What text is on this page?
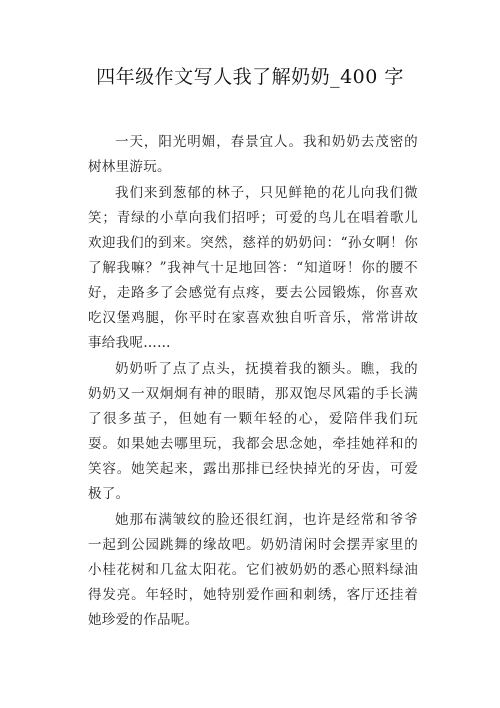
四年级作文写人我了解奶奶_400 字

一天，阳光明媚，春景宜人。我和奶奶去茂密的树林里游玩。

我们来到葱郁的林子，只见鲜艳的花儿向我们微笑；青绿的小草向我们招呼；可爱的鸟儿在唱着歌儿欢迎我们的到来。突然，慈祥的奶奶问：“孙女啊！你了解我嘛？”我神气十足地回答：“知道呀！你的腰不好，走路多了会感觉有点疼，要去公园锻炼，你喜欢吃汉堡鸡腿，你平时在家喜欢独自听音乐，常常讲故事给我呢……

奶奶听了点了点头，抚摸着我的额头。瞧，我的奶奶又一双炯炯有神的眼睛，那双饱尽风霜的手长满了很多茧子，但她有一颗年轻的心，爱陪伴我们玩耍。如果她去哪里玩，我都会思念她，牵挂她祥和的笑容。她笑起来，露出那排已经快掉光的牙齿，可爱极了。

她那布满皱纹的脸还很红润，也许是经常和爷爷一起到公园跳舞的缘故吧。奶奶清闲时会摆弄家里的小桂花树和几盆太阳花。它们被奶奶的悉心照料绿油得发亮。年轻时，她特别爱作画和刺绣，客厅还挂着她珍爱的作品呢。
